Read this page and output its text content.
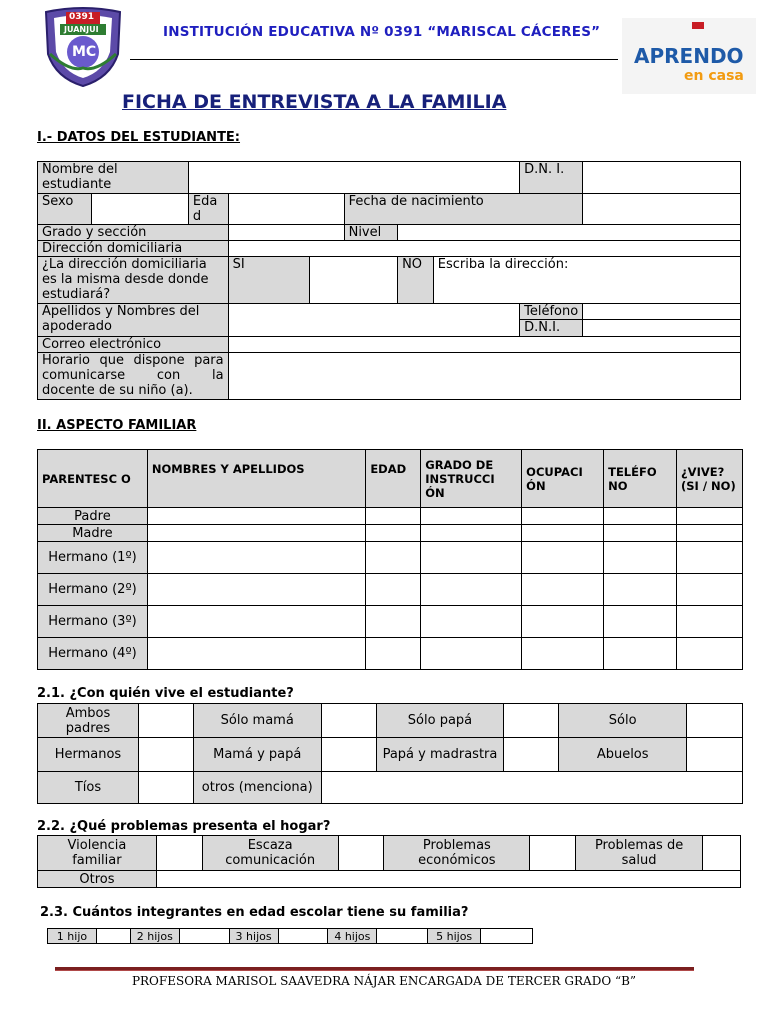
0391
JUANJUI
MC
INSTITUCIÓN EDUCATIVA Nº 0391 “MARISCAL CÁCERES”
APRENDO
en casa
FICHA DE ENTREVISTA A LA FAMILIA
I.- DATOS DEL ESTUDIANTE:
Nombre del estudiante								D.N. I.	
Sexo		Eda d			Fecha de nacimiento				
Grado y sección					Nivel				
Dirección domiciliaria									
¿La dirección domiciliaria es la misma desde donde estudiará?			SI			NO	Escriba la dirección:		
Apellidos y Nombres del apoderado								Teléfono	
								D.N.I.	
Correo electrónico									
Horario que dispone para comunicarse con la docente de su niño (a).									
II. ASPECTO FAMILIAR
PARENTESC O	NOMBRES Y APELLIDOS	EDAD	GRADO DE INSTRUCCI ÓN	OCUPACI ÓN	TELÉFO NO	¿VIVE? (SI / NO)
Padre						
Madre						
Hermano (1º)						
Hermano (2º)						
Hermano (3º)						
Hermano (4º)						
2.1. ¿Con quién vive el estudiante?
Ambos padres		Sólo mamá		Sólo papá		Sólo	
Hermanos		Mamá y papá		Papá y madrastra		Abuelos	
Tíos		otros (menciona)					
2.2. ¿Qué problemas presenta el hogar?
Violencia familiar		Escaza comunicación		Problemas económicos		Problemas de salud	
Otros							
2.3. Cuántos integrantes en edad escolar tiene su familia?
1 hijo		2 hijos		3 hijos		4 hijos		5 hijos	
PROFESORA MARISOL SAAVEDRA NÁJAR ENCARGADA DE TERCER GRADO “B”
